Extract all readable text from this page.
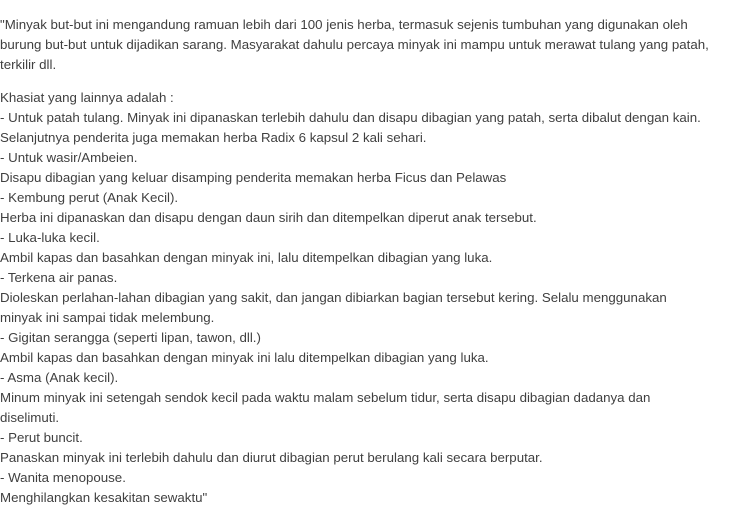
"Minyak but-but ini mengandung ramuan lebih dari 100 jenis herba, termasuk sejenis tumbuhan yang digunakan oleh
burung but-but untuk dijadikan sarang. Masyarakat dahulu percaya minyak ini mampu untuk merawat tulang yang patah,
terkilir dll.
Khasiat yang lainnya adalah :
- Untuk patah tulang. Minyak ini dipanaskan terlebih dahulu dan disapu dibagian yang patah, serta dibalut dengan kain.
Selanjutnya penderita juga memakan herba Radix 6 kapsul 2 kali sehari.
- Untuk wasir/Ambeien.
Disapu dibagian yang keluar disamping penderita memakan herba Ficus dan Pelawas
- Kembung perut (Anak Kecil).
Herba ini dipanaskan dan disapu dengan daun sirih dan ditempelkan diperut anak tersebut.
- Luka-luka kecil.
Ambil kapas dan basahkan dengan minyak ini, lalu ditempelkan dibagian yang luka.
- Terkena air panas.
Dioleskan perlahan-lahan dibagian yang sakit, dan jangan dibiarkan bagian tersebut kering. Selalu menggunakan
minyak ini sampai tidak melembung.
- Gigitan serangga (seperti lipan, tawon, dll.)
Ambil kapas dan basahkan dengan minyak ini lalu ditempelkan dibagian yang luka.
- Asma (Anak kecil).
Minum minyak ini setengah sendok kecil pada waktu malam sebelum tidur, serta disapu dibagian dadanya dan
diselimuti.
- Perut buncit.
Panaskan minyak ini terlebih dahulu dan diurut dibagian perut berulang kali secara berputar.
- Wanita menopouse.
Menghilangkan kesakitan sewaktu"
